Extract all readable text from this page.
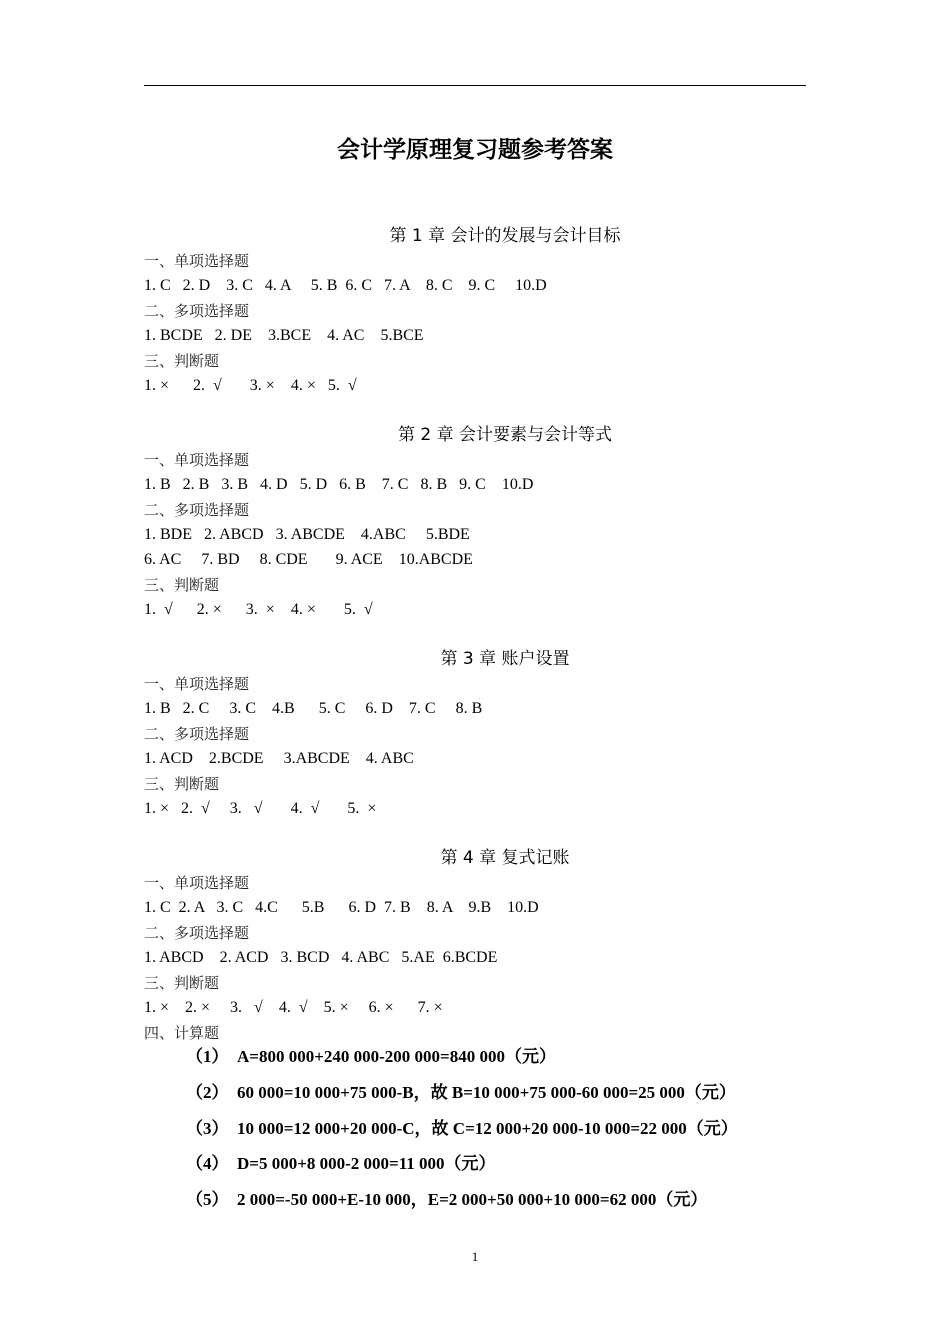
会计学原理复习题参考答案
第 1 章 会计的发展与会计目标
一、单项选择题
1. C   2. D    3. C   4. A     5. B  6. C   7. A    8. C    9. C     10.D
二、多项选择题
1. BCDE   2. DE    3.BCE    4. AC    5.BCE
三、判断题
1. ×      2.  √       3. ×    4. ×   5.  √
第 2 章 会计要素与会计等式
一、单项选择题
1. B   2. B   3. B   4. D   5. D   6. B    7. C   8. B   9. C    10.D
二、多项选择题
1. BDE   2. ABCD   3. ABCDE    4.ABC     5.BDE
6. AC     7. BD     8. CDE       9. ACE    10.ABCDE
三、判断题
1.  √      2. ×      3.  ×    4. ×       5.  √
第 3 章 账户设置
一、单项选择题
1. B   2. C     3. C    4.B      5. C     6. D    7. C     8. B
二、多项选择题
1. ACD    2.BCDE     3.ABCDE    4. ABC
三、判断题
1. ×   2.  √     3.   √       4.  √       5.  ×
第 4 章 复式记账
一、单项选择题
1. C  2. A   3. C   4.C      5.B      6. D  7. B    8. A    9.B    10.D
二、多项选择题
1. ABCD    2. ACD   3. BCD   4. ABC   5.AE  6.BCDE
三、判断题
1. ×    2. ×     3.   √    4.  √    5. ×     6. ×      7. ×
四、计算题
（1）  A=800 000+240 000-200 000=840 000（元）
（2）  60 000=10 000+75 000-B，故 B=10 000+75 000-60 000=25 000（元）
（3）  10 000=12 000+20 000-C，故 C=12 000+20 000-10 000=22 000（元）
（4）  D=5 000+8 000-2 000=11 000（元）
（5）  2 000=-50 000+E-10 000，E=2 000+50 000+10 000=62 000（元）
1
